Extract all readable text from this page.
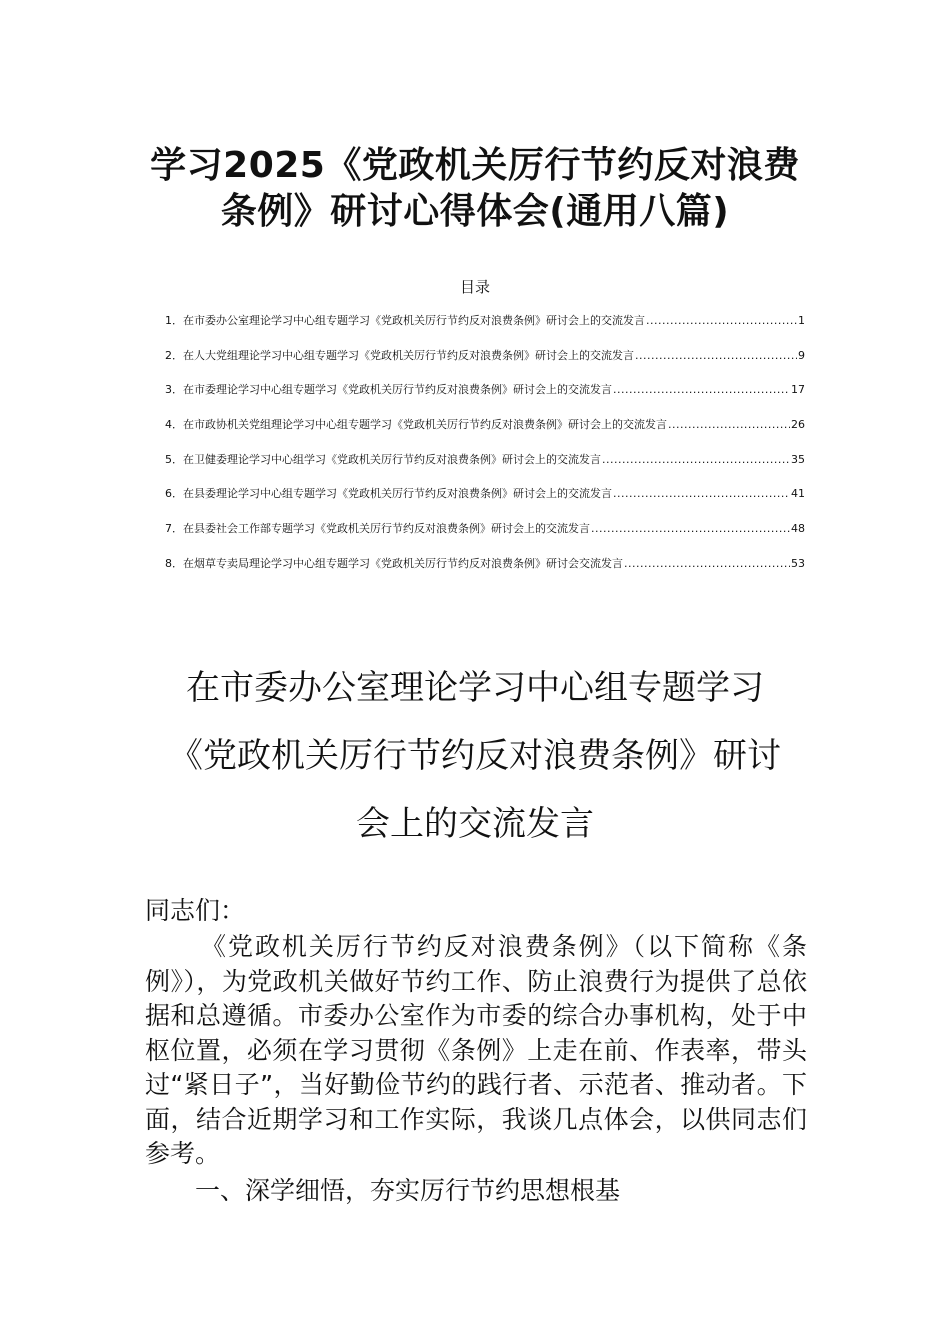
学习2025《党政机关厉行节约反对浪费
条例》研讨心得体会(通用八篇)
目录
1． 在市委办公室理论学习中心组专题学习《党政机关厉行节约反对浪费条例》研讨会上的交流发言 .....	1
2． 在人大党组理论学习中心组专题学习《党政机关厉行节约反对浪费条例》研讨会上的交流发言 .....	9
3． 在市委理论学习中心组专题学习《党政机关厉行节约反对浪费条例》研讨会上的交流发言 .....	17
4． 在市政协机关党组理论学习中心组专题学习《党政机关厉行节约反对浪费条例》研讨会上的交流发言 .....	26
5． 在卫健委理论学习中心组学习《党政机关厉行节约反对浪费条例》研讨会上的交流发言 .....	35
6． 在县委理论学习中心组专题学习《党政机关厉行节约反对浪费条例》研讨会上的交流发言 .....	41
7． 在县委社会工作部专题学习《党政机关厉行节约反对浪费条例》研讨会上的交流发言 .....	48
8． 在烟草专卖局理论学习中心组专题学习《党政机关厉行节约反对浪费条例》研讨会交流发言 .....	53
在市委办公室理论学习中心组专题学习
《党政机关厉行节约反对浪费条例》研讨
会上的交流发言
同志们：

《党政机关厉行节约反对浪费条例》（以下简称《条例》），为党政机关做好节约工作、防止浪费行为提供了总依据和总遵循。市委办公室作为市委的综合办事机构，处于中枢位置，必须在学习贯彻《条例》上走在前、作表率，带头过“紧日子”，当好勤俭节约的践行者、示范者、推动者。下面，结合近期学习和工作实际，我谈几点体会，以供同志们参考。

一、深学细悟，夯实厉行节约思想根基
